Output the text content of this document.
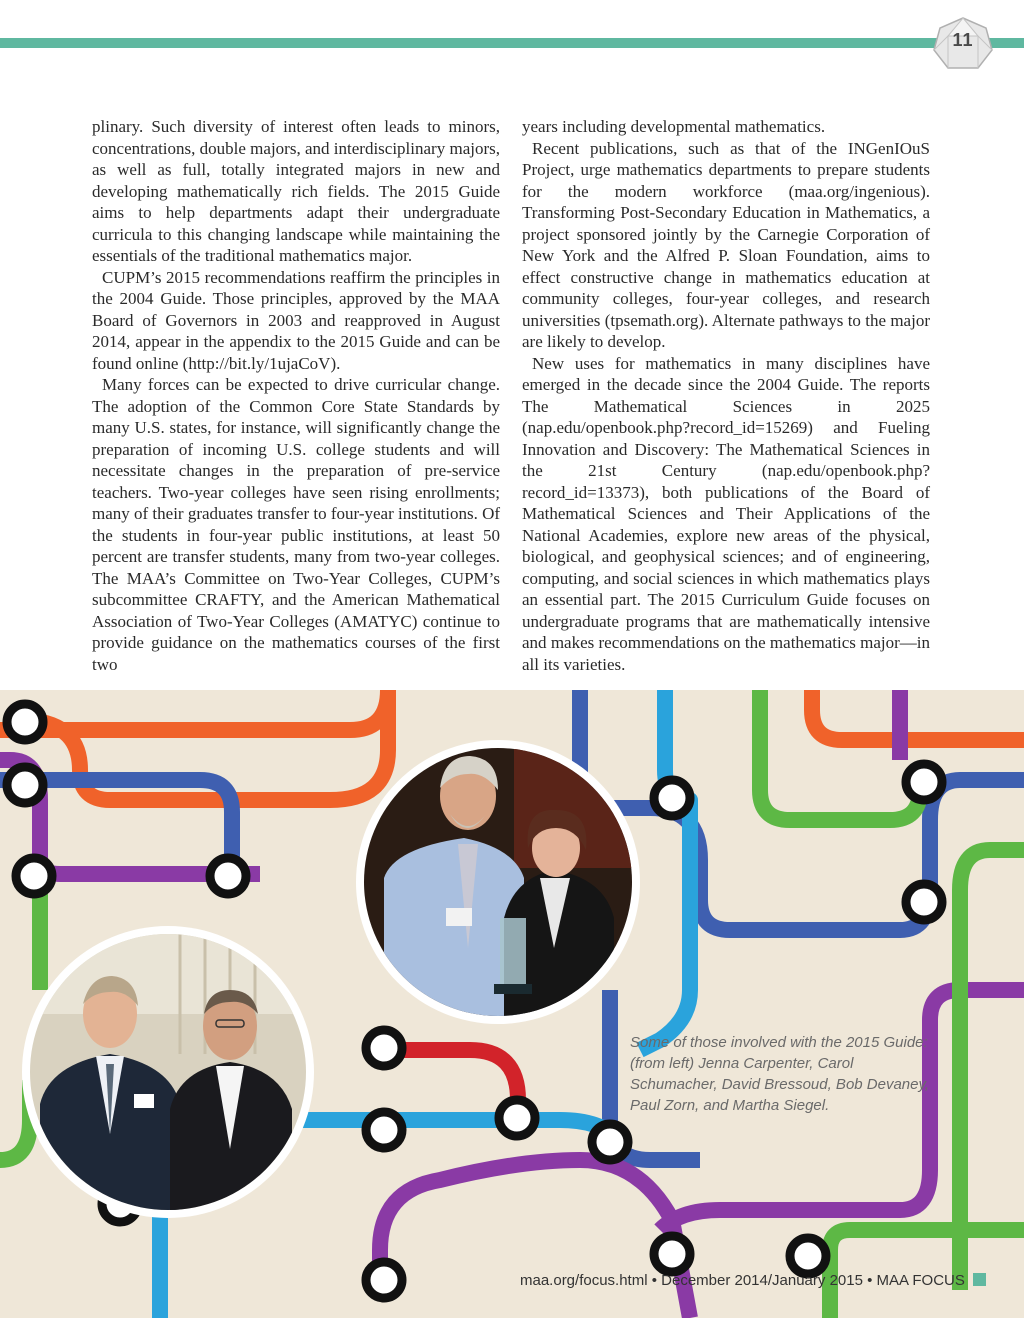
11

plinary. Such diversity of interest often leads to minors, concentrations, double majors, and interdisciplinary majors, as well as full, totally integrated majors in new and developing mathematically rich fields. The 2015 Guide aims to help departments adapt their undergraduate curricula to this changing landscape while maintaining the essentials of the traditional mathematics major.

CUPM’s 2015 recommendations reaffirm the principles in the 2004 Guide. Those principles, approved by the MAA Board of Governors in 2003 and reapproved in August 2014, appear in the appendix to the 2015 Guide and can be found online (http://bit.ly/1ujaCoV).

Many forces can be expected to drive curricular change. The adoption of the Common Core State Standards by many U.S. states, for instance, will significantly change the preparation of incoming U.S. college students and will necessitate changes in the preparation of pre-service teachers. Two-year colleges have seen rising enrollments; many of their graduates transfer to four-year institutions. Of the students in four-year public institutions, at least 50 percent are transfer students, many from two-year colleges. The MAA’s Committee on Two-Year Colleges, CUPM’s subcommittee CRAFTY, and the American Mathematical Association of Two-Year Colleges (AMATYC) continue to provide guidance on the mathematics courses of the first two

years including developmental mathematics.

Recent publications, such as that of the INGenIOuS Project, urge mathematics departments to prepare students for the modern workforce (maa.org/ingenious). Transforming Post-Secondary Education in Mathematics, a project sponsored jointly by the Carnegie Corporation of New York and the Alfred P. Sloan Foundation, aims to effect constructive change in mathematics education at community colleges, four-year colleges, and research universities (tpsemath.org). Alternate pathways to the major are likely to develop.

New uses for mathematics in many disciplines have emerged in the decade since the 2004 Guide. The reports The Mathematical Sciences in 2025 (nap.edu/openbook.php?record_id=15269) and Fueling Innovation and Discovery: The Mathematical Sciences in the 21st Century (nap.edu/openbook.php?record_id=13373), both publications of the Board of Mathematical Sciences and Their Applications of the National Academies, explore new areas of the physical, biological, and geophysical sciences; and of engineering, computing, and social sciences in which mathematics plays an essential part. The 2015 Curriculum Guide focuses on undergraduate programs that are mathematically intensive and makes recommendations on the mathematics major—in all its varieties.

Some of those involved with the 2015 Guide: (from left) Jenna Carpenter, Carol Schumacher, David Bressoud, Bob Devaney, Paul Zorn, and Martha Siegel.
maa.org/focus.html • December 2014/January 2015 • MAA FOCUS
